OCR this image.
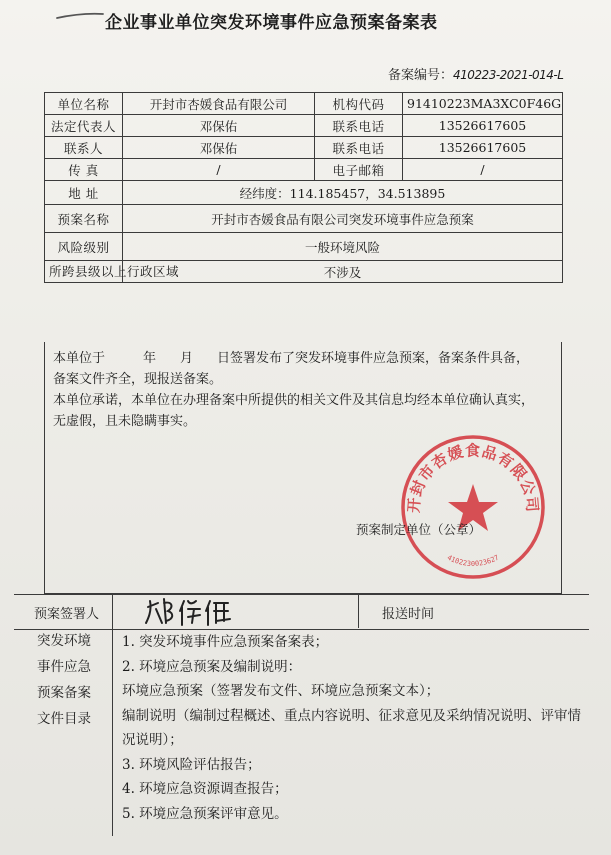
企业事业单位突发环境事件应急预案备案表
备案编号：410223-2021-014-L
单位名称	开封市杏媛食品有限公司	机构代码	91410223MA3XC0F46G
法定代表人	邓保佑	联系电话	13526617605
联系人	邓保佑	联系电话	13526617605
传 真	/	电子邮箱	/
地 址	经纬度：114.185457，34.513895		
预案名称	开封市杏媛食品有限公司突发环境事件应急预案		
风险级别	一般环境风险		
所跨县级以上行政区域	不涉及		

本单位于	年 月 日签署发布了突发环境事件应急预案，备案条件具备，

备案文件齐全，现报送备案。

本单位承诺，本单位在办理备案中所提供的相关文件及其信息均经本单位确认真实，

无虚假，且未隐瞒事实。

开封市杏媛食品有限公司
4102230023627
预案制定单位（公章）
预案签署人	报送时间
突发环境
事件应急
预案备案
文件目录

1. 突发环境事件应急预案备案表；

2. 环境应急预案及编制说明：

环境应急预案（签署发布文件、环境应急预案文本）；

编制说明（编制过程概述、重点内容说明、征求意见及采纳情况说明、评审情况说明）；

3. 环境风险评估报告；

4. 环境应急资源调查报告；

5. 环境应急预案评审意见。
